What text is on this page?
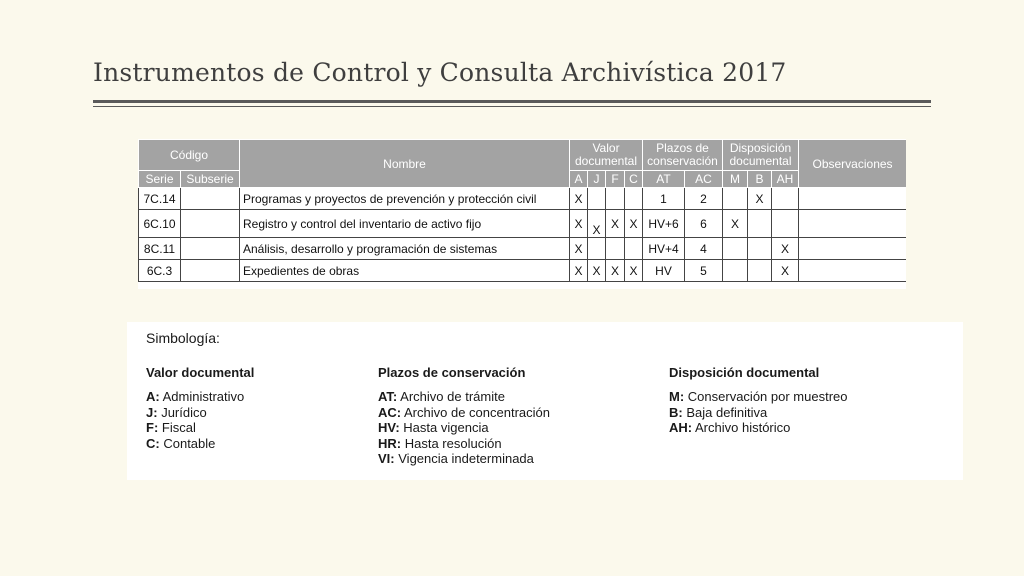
Instrumentos de Control y Consulta Archivística 2017
Código		Nombre	Valor documental				Plazos de conservación		Disposición documental			Observaciones
Serie	Subserie		A	J	F	C	AT	AC	M	B	AH	
7C.14		Programas y proyectos de prevención y protección civil	X				1	2		X		
6C.10		Registro y control del inventario de activo fijo	X	X	X	X	HV+6	6	X			
8C.11		Análisis, desarrollo y programación de sistemas	X				HV+4	4			X	
6C.3		Expedientes de obras	X	X	X	X	HV	5			X	
Simbología:
Valor documental
A: Administrativo
J: Jurídico
F: Fiscal
C: Contable
Plazos de conservación
AT: Archivo de trámite
AC: Archivo de concentración
HV: Hasta vigencia
HR: Hasta resolución
VI: Vigencia indeterminada
Disposición documental
M: Conservación por muestreo
B: Baja definitiva
AH: Archivo histórico
